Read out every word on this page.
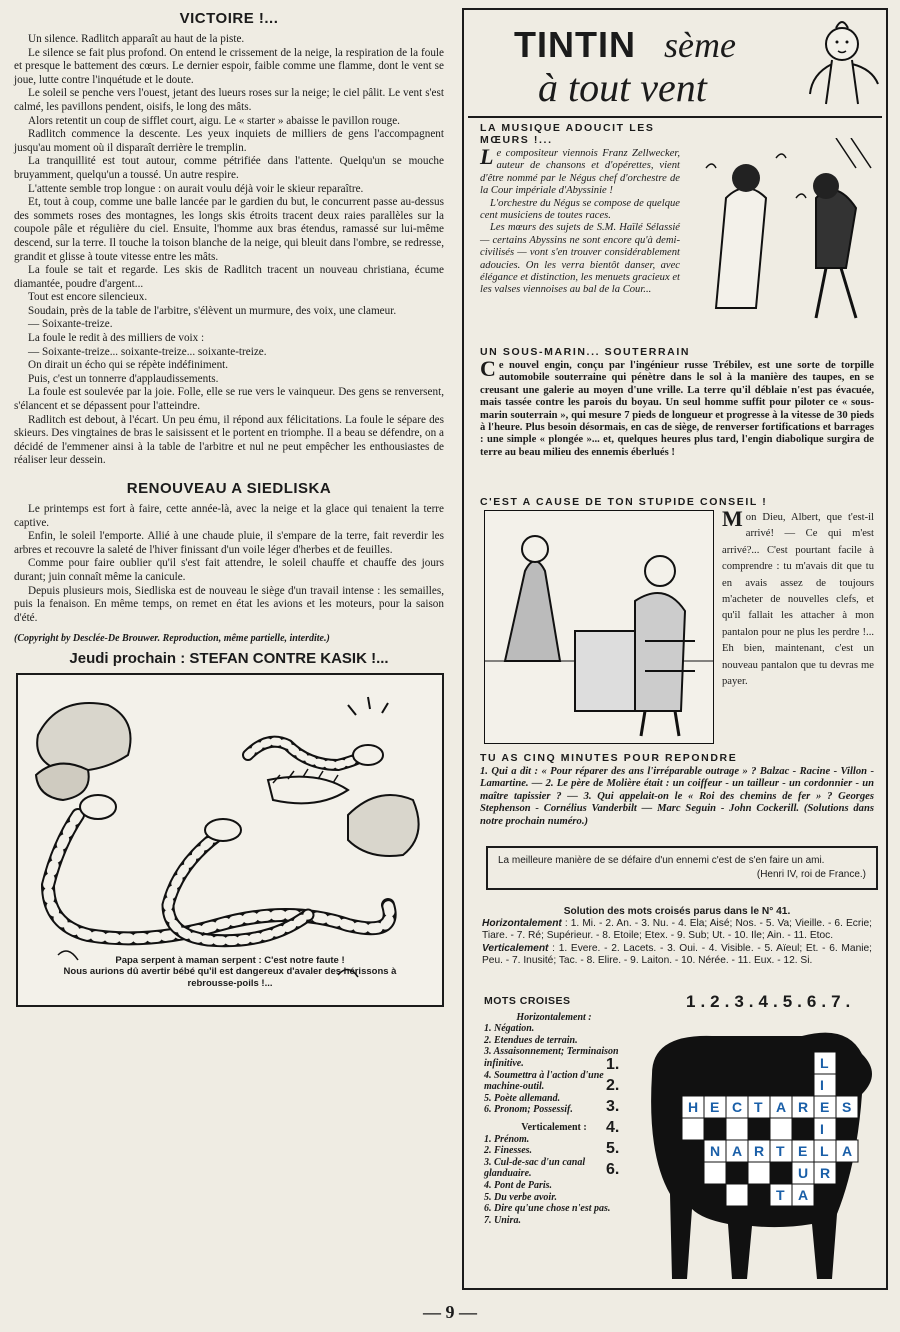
VICTOIRE !...

Un silence. Radlitch apparaît au haut de la piste.

Le silence se fait plus profond. On entend le crissement de la neige, la respiration de la foule et presque le battement des cœurs. Le dernier espoir, faible comme une flamme, dont le vent se joue, lutte contre l'inquétude et le doute.

Le soleil se penche vers l'ouest, jetant des lueurs roses sur la neige; le ciel pâlit. Le vent s'est calmé, les pavillons pendent, oisifs, le long des mâts.

Alors retentit un coup de sifflet court, aigu. Le « starter » abaisse le pavillon rouge.

Radlitch commence la descente. Les yeux inquiets de milliers de gens l'accompagnent jusqu'au moment où il disparaît derrière le tremplin.

La tranquillité est tout autour, comme pétrifiée dans l'attente. Quelqu'un se mouche bruyamment, quelqu'un a toussé. Un autre respire.

L'attente semble trop longue : on aurait voulu déjà voir le skieur reparaître.

Et, tout à coup, comme une balle lancée par le gardien du but, le concurrent passe au-dessus des sommets roses des montagnes, les longs skis étroits tracent deux raies parallèles sur la coupole pâle et régulière du ciel. Ensuite, l'homme aux bras étendus, ramassé sur lui-même descend, sur la terre. Il touche la toison blanche de la neige, qui bleuit dans l'ombre, se redresse, grandit et glisse à toute vitesse entre les mâts.

La foule se tait et regarde. Les skis de Radlitch tracent un nouveau christiana, écume diamantée, poudre d'argent...

Tout est encore silencieux.

Soudain, près de la table de l'arbitre, s'élèvent un murmure, des voix, une clameur.

— Soixante-treize.

La foule le redit à des milliers de voix :

— Soixante-treize... soixante-treize... soixante-treize.

On dirait un écho qui se répète indéfiniment.

Puis, c'est un tonnerre d'applaudissements.

La foule est soulevée par la joie. Folle, elle se rue vers le vainqueur. Des gens se renversent, s'élancent et se dépassent pour l'atteindre.

Radlitch est debout, à l'écart. Un peu ému, il répond aux félicitations. La foule le sépare des skieurs. Des vingtaines de bras le saisissent et le portent en triomphe. Il a beau se défendre, on a décidé de l'emmener ainsi à la table de l'arbitre et nul ne peut empêcher les enthousiastes de réaliser leur dessein.

RENOUVEAU A SIEDLISKA

Le printemps est fort à faire, cette année-là, avec la neige et la glace qui tenaient la terre captive.

Enfin, le soleil l'emporte. Allié à une chaude pluie, il s'empare de la terre, fait reverdir les arbres et recouvre la saleté de l'hiver finissant d'un voile léger d'herbes et de feuilles.

Comme pour faire oublier qu'il s'est fait attendre, le soleil chauffe et chauffe des jours durant; juin connaît même la canicule.

Depuis plusieurs mois, Siedliska est de nouveau le siège d'un travail intense : les semailles, puis la fenaison. En même temps, on remet en état les avions et les moteurs, pour la saison d'été.

(Copyright by Desclée-De Brouwer. Reproduction, même partielle, interdite.)
Jeudi prochain : STEFAN CONTRE KASIK !...
Papa serpent à maman serpent : C'est notre faute !
Nous aurions dû avertir bébé qu'il est dangereux d'avaler des hérissons à rebrousse-poils !...
TINTIN sème
à tout vent

LA MUSIQUE ADOUCIT LES MŒURS !...

Le compositeur viennois Franz Zellwecker, auteur de chansons et d'opérettes, vient d'être nommé par le Négus chef d'orchestre de la Cour impériale d'Abyssinie !

L'orchestre du Négus se compose de quelque cent musiciens de toutes races.

Les mœurs des sujets de S.M. Haïlé Sélassié — certains Abyssins ne sont encore qu'à demi-civilisés — vont s'en trouver considérablement adoucies. On les verra bientôt danser, avec élégance et distinction, les menuets gracieux et les valses viennoises au bal de la Cour...

UN SOUS-MARIN... SOUTERRAIN

Ce nouvel engin, conçu par l'ingénieur russe Trébilev, est une sorte de torpille automobile souterraine qui pénètre dans le sol à la manière des taupes, en se creusant une galerie au moyen d'une vrille. La terre qu'il déblaie n'est pas évacuée, mais tassée contre les parois du boyau. Un seul homme suffit pour piloter ce « sous-marin souterrain », qui mesure 7 pieds de longueur et progresse à la vitesse de 30 pieds à l'heure. Plus besoin désormais, en cas de siège, de renverser fortifications et barrages : une simple « plongée »... et, quelques heures plus tard, l'engin diabolique surgira de terre au beau milieu des ennemis éberlués !

C'EST A CAUSE DE TON STUPIDE CONSEIL !

Mon Dieu, Albert, que t'est-il arrivé! — Ce qui m'est arrivé?... C'est pourtant facile à comprendre : tu m'avais dit que tu en avais assez de toujours m'acheter de nouvelles clefs, et qu'il fallait les attacher à mon pantalon pour ne plus les perdre !... Eh bien, maintenant, c'est un nouveau pantalon que tu devras me payer.

TU AS CINQ MINUTES POUR REPONDRE

1. Qui a dit : « Pour réparer des ans l'irréparable outrage » ? Balzac - Racine - Villon - Lamartine. — 2. Le père de Molière était : un coiffeur - un tailleur - un cordonnier - un maître tapissier ? — 3. Qui appelait-on le « Roi des chemins de fer » ? Georges Stephenson - Cornélius Vanderbilt — Marc Seguin - John Cockerill. (Solutions dans notre prochain numéro.)

La meilleure manière de se défaire d'un ennemi c'est de s'en faire un ami.
(Henri IV, roi de France.)
Solution des mots croisés parus dans le N° 41.
Horizontalement : 1. Mi. - 2. An. - 3. Nu. - 4. Ela; Aisé; Nos. - 5. Va; Vieille. - 6. Ecrie; Tiare. - 7. Ré; Supérieur. - 8. Etoile; Etex. - 9. Sub; Ut. - 10. Ile; Ain. - 11. Etoc.
Verticalement : 1. Evere. - 2. Lacets. - 3. Oui. - 4. Visible. - 5. Aïeul; Et. - 6. Manie; Peu. - 7. Inusité; Tac. - 8. Elire. - 9. Laiton. - 10. Nérée. - 11. Eux. - 12. Si.
MOTS CROISES
Horizontalement :
1. Négation.
2. Etendues de terrain.
3. Assaisonnement; Terminaison infinitive.
4. Soumettra à l'action d'une machine-outil.
5. Poète allemand.
6. Pronom; Possessif.
Verticalement :
1. Prénom.
2. Finesses.
3. Cul-de-sac d'un canal glanduaire.
4. Pont de Paris.
5. Du verbe avoir.
6. Dire qu'une chose n'est pas.
7. Unira.
1.2.3.4.5.6.7.
1.
2.
3.
4.
5.
6.
L
I
H E C T A R E S
I
N A R T E L A
U R
T A
— 9 —
